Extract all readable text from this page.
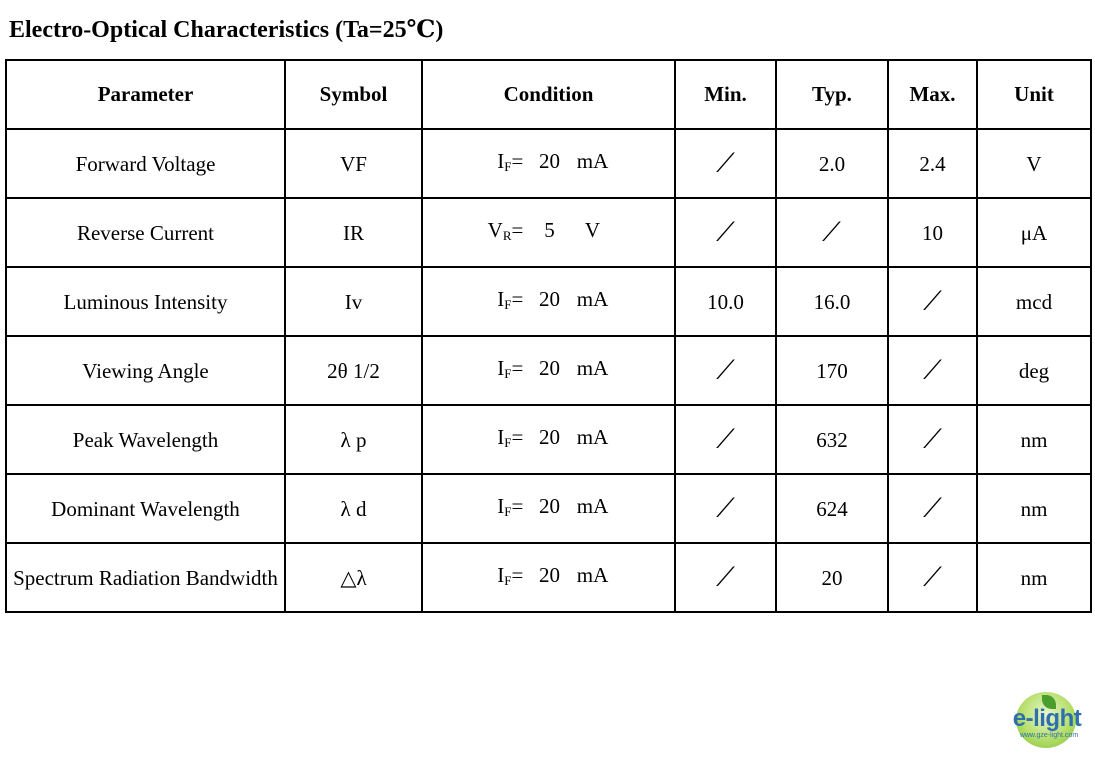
Electro-Optical Characteristics (Ta=25℃)
Parameter	Symbol	Condition	Min.	Typ.	Max.	Unit
Forward Voltage	VF	$I_F = 20$ mA	⁄	2.0	2.4	V
Reverse Current	IR	$V_R = 5$ V	⁄	⁄	10	μA
Luminous Intensity	Iv	$I_F = 20$ mA	10.0	16.0	⁄	mcd
Viewing Angle	2θ 1/2	$I_F = 20$ mA	⁄	170	⁄	deg
Peak Wavelength	λ p	$I_F = 20$ mA	⁄	632	⁄	nm
Dominant Wavelength	λ d	$I_F = 20$ mA	⁄	624	⁄	nm
Spectrum Radiation Bandwidth	△λ	$I_F = 20$ mA	⁄	20	⁄	nm
e-light
www.gze-light.com
